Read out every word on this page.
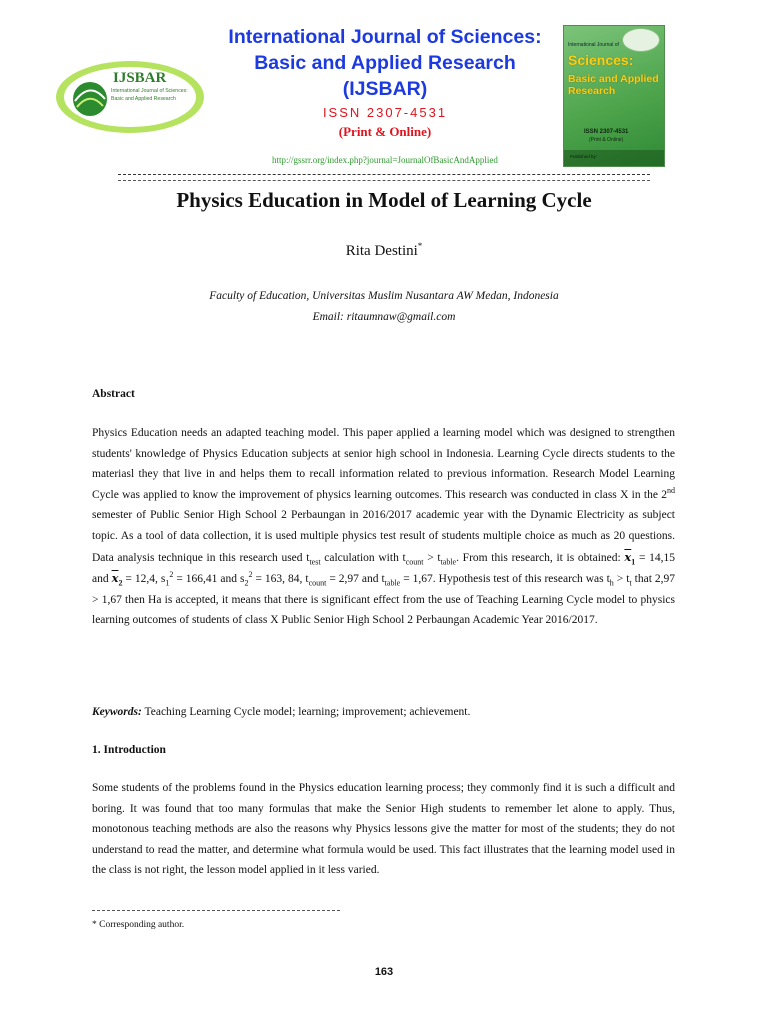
IJSBAR
International Journal of Sciences:
Basic and Applied Research
International Journal of Sciences:
Basic and Applied Research
(IJSBAR)
ISSN 2307-4531
(Print & Online)
http://gssrr.org/index.php?journal=JournalOfBasicAndApplied
International Journal of
Sciences:
Basic and Applied Research
ISSN 2307-4531
(Print & Online)
Published by:
Physics Education in Model of Learning Cycle
Rita Destini*
Faculty of Education, Universitas Muslim Nusantara AW Medan, Indonesia
Email: ritaumnaw@gmail.com
Abstract
Physics Education needs an adapted teaching model. This paper applied a learning model which was designed to strengthen students' knowledge of Physics Education subjects at senior high school in Indonesia. Learning Cycle directs students to the materiasl they that live in and helps them to recall information related to previous information. Research Model Learning Cycle was applied to know the improvement of physics learning outcomes. This research was conducted in class X in the 2nd semester of Public Senior High School 2 Perbaungan in 2016/2017 academic year with the Dynamic Electricity as subject topic. As a tool of data collection, it is used multiple physics test result of students multiple choice as much as 20 questions. Data analysis technique in this research used $t_{test}$ calculation with $t_{count} > t_{table}$. From this research, it is obtained: $\overline{x}_1 = 14,15$ and $\overline{x}_2 = 12,4$, $s_1^2 = 166,41$ and $s_2^2 = 163$, 84, $t_{count} = 2,97$ and $t_{table} = 1,67$. Hypothesis test of this research was $t_h > t_t$ that 2,97 > 1,67 then Ha is accepted, it means that there is significant effect from the use of Teaching Learning Cycle model to physics learning outcomes of students of class X Public Senior High School 2 Perbaungan Academic Year 2016/2017.
Keywords: Teaching Learning Cycle model; learning; improvement; achievement.
1. Introduction
Some students of the problems found in the Physics education learning process; they commonly find it is such a difficult and boring. It was found that too many formulas that make the Senior High students to remember let alone to apply. Thus, monotonous teaching methods are also the reasons why Physics lessons give the matter for most of the students; they do not understand to read the matter, and determine what formula would be used. This fact illustrates that the learning model used in the class is not right, the lesson model applied in it less varied.
* Corresponding author.
163
